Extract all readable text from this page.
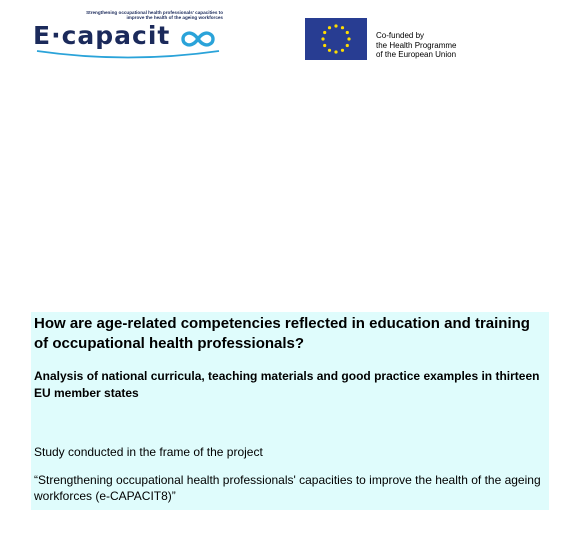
Strengthening occupational health professionals' capacities to improve the health of the ageing workforces
E·capacit	Co-funded by
the Health Programme
of the European Union
How are age-related competencies reflected in education and training of occupational health professionals?
Analysis of national curricula, teaching materials and good practice examples in thirteen EU member states
Study conducted in the frame of the project
“Strengthening occupational health professionals' capacities to improve the health of the ageing workforces (e-CAPACIT8)”
